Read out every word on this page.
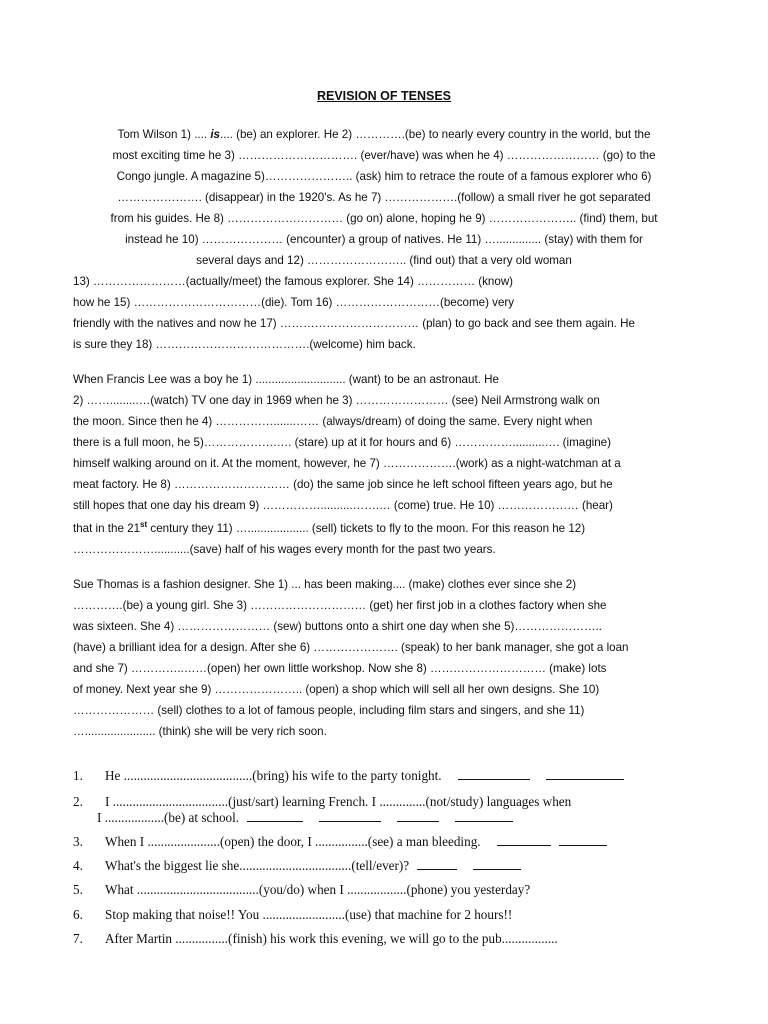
REVISION OF TENSES
Tom Wilson 1) .... is.... (be) an explorer. He 2) ………….(be) to nearly every country in the world, but the
most exciting time he 3) …………………………. (ever/have) was when he 4) …………………… (go) to the
Congo jungle. A magazine 5)………………….. (ask) him to retrace the route of a famous explorer who 6)
…………………. (disappear) in the 1920's. As he 7) ……………….(follow) a small river he got separated
from his guides. He 8) ………………………… (go on) alone, hoping he 9) ………………….. (find) them, but
instead he 10) ………………… (encounter) a group of natives. He 11) ….............. (stay) with them for
several days and 12) …………………….. (find out) that a very old woman
13) ……………………(actually/meet) the famous explorer. She 14) …………… (know)
how he 15) ……………………………(die). Tom 16) ………………………(become) very
friendly with the natives and now he 17) ……………………………… (plan) to go back and see them again. He
is sure they 18) ………………………………….(welcome) him back.
When Francis Lee was a boy he 1) ............................ (want) to be an astronaut. He
2) …….........…(watch) TV one day in 1969 when he 3) …………………… (see) Neil Armstrong walk on
the moon. Since then he 4) …………….......…… (always/dream) of doing the same. Every night when
there is a full moon, he 5)……………….…. (stare) up at it for hours and 6) ……………..........…. (imagine)
himself walking around on it. At the moment, however, he 7) ……………….(work) as a night-watchman at a
meat factory. He 8) ………………………… (do) the same job since he left school fifteen years ago, but he
still hopes that one day his dream 9) ……………..........…….… (come) true. He 10) ………………… (hear)
that in the 21st century they 11) …................... (sell) tickets to fly to the moon. For this reason he 12)
…………………...........(save) half of his wages every month for the past two years.
Sue Thomas is a fashion designer. She 1) ... has been making.... (make) clothes ever since she 2)
………….(be) a young girl. She 3) ………………………… (get) her first job in a clothes factory when she
was sixteen. She 4) …………………… (sew) buttons onto a shirt one day when she 5)…………………..
(have) a brilliant idea for a design. After she 6) …………………. (speak) to her bank manager, she got a loan
and she 7) …………..……(open) her own little workshop. Now she 8) ………………………… (make) lots
of money. Next year she 9) ………………….. (open) a shop which will sell all her own designs. She 10)
………………… (sell) clothes to a lot of famous people, including film stars and singers, and she 11)
…...................... (think) she will be very rich soon.
1. He .......................................(bring) his wife to the party tonight.
2. I ...................................(just/sart) learning French. I ..............(not/study) languages when
I ..................(be) at school.
3. When I ......................(open) the door, I ................(see) a man bleeding.
4. What's the biggest lie she..................................(tell/ever)?
5. What .....................................(you/do) when I ..................(phone) you yesterday?
6. Stop making that noise!! You .........................(use) that machine for 2 hours!!
7. After Martin ................(finish) his work this evening, we will go to the pub.................
